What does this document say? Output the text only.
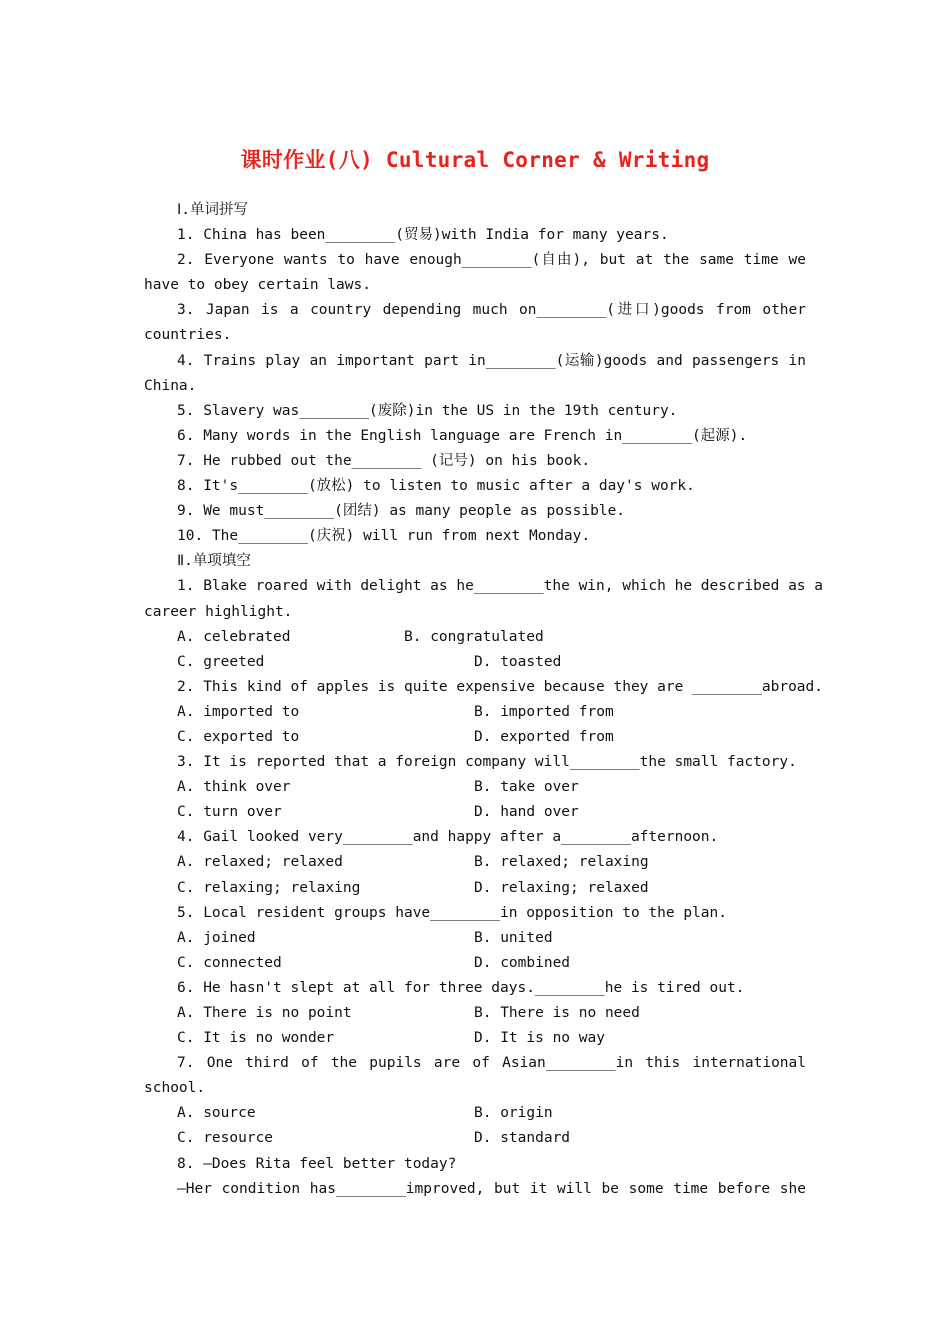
课时作业(八) Cultural Corner & Writing
Ⅰ.单词拼写
1. China has been________(贸易)with India for many years.
2. Everyone wants to have enough________(自由), but at the same time we
have to obey certain laws.
3. Japan is a country depending much on________(进口)goods from other
countries.
4. Trains play an important part in________(运输)goods and passengers in
China.
5. Slavery was________(废除)in the US in the 19th century.
6. Many words in the English language are French in________(起源).
7. He rubbed out the________ (记号) on his book.
8. It's________(放松) to listen to music after a day's work.
9. We must________(团结) as many people as possible.
10. The________(庆祝) will run from next Monday.
Ⅱ.单项填空
1. Blake roared with delight as he________the win, which he described as a
career highlight.
A. celebrated	B. congratulated
C. greeted	D. toasted
2. This kind of apples is quite expensive because they are ________abroad.
A. imported to	B. imported from
C. exported to	D. exported from
3. It is reported that a foreign company will________the small factory.
A. think over	B. take over
C. turn over	D. hand over
4. Gail looked very________and happy after a________afternoon.
A. relaxed; relaxed	B. relaxed; relaxing
C. relaxing; relaxing	D. relaxing; relaxed
5. Local resident groups have________in opposition to the plan.
A. joined	B. united
C. connected	D. combined
6. He hasn't slept at all for three days.________he is tired out.
A. There is no point	B. There is no need
C. It is no wonder	D. It is no way
7. One third of the pupils are of Asian________in this international
school.
A. source	B. origin
C. resource	D. standard
8. —Does Rita feel better today?
—Her condition has________improved, but it will be some time before she
